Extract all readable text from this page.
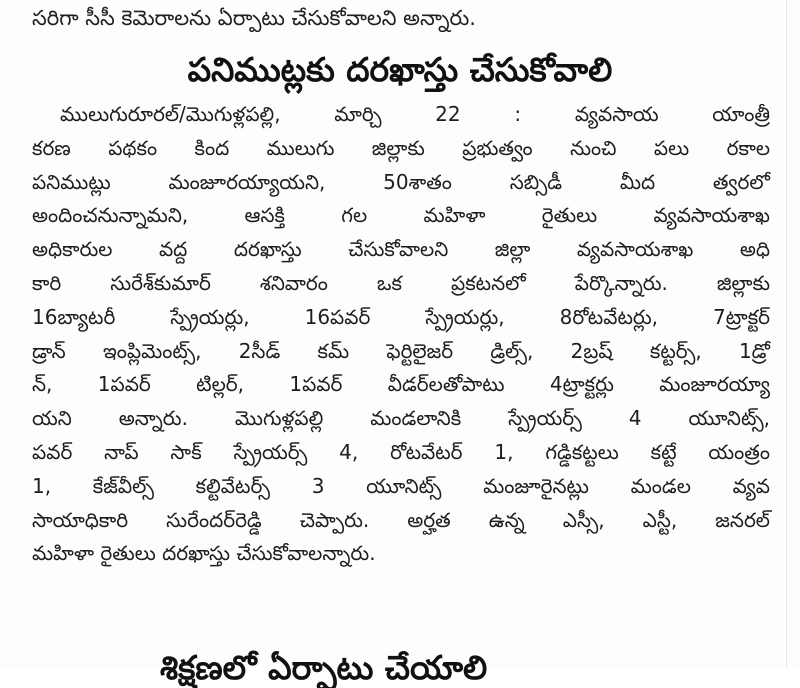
సరిగా సీసీ కెమెరాలను ఏర్పాటు చేసుకోవాలని అన్నారు.
పనిముట్లకు దరఖాస్తు చేసుకోవాలి
ములుగురూరల్/మొగుళ్లపల్లి, మార్చి 22 : వ్యవసాయ యాంత్రీ
కరణ పథకం కింద ములుగు జిల్లాకు ప్రభుత్వం నుంచి పలు రకాల
పనిముట్లు మంజూరయ్యాయని, 50శాతం సబ్సిడీ మీద త్వరలో
అందించనున్నామని, ఆసక్తి గల మహిళా రైతులు వ్యవసాయశాఖ
అధికారుల వద్ద దరఖాస్తు చేసుకోవాలని జిల్లా వ్యవసాయశాఖ అధి
కారి సురేశ్‌కుమార్ శనివారం ఒక ప్రకటనలో పేర్కొన్నారు. జిల్లాకు
16బ్యాటరీ స్ప్రేయర్లు, 16పవర్ స్ప్రేయర్లు, 8రోటవేటర్లు, 7ట్రాక్టర్
డ్రాన్ ఇంప్లిమెంట్స్, 2సీడ్ కమ్ ఫెర్టిలైజర్ డ్రిల్స్, 2బ్రష్ కట్టర్స్, 1డ్రో
న్, 1పవర్ టిల్లర్, 1పవర్ వీడర్‌లతోపాటు 4ట్రాక్టర్లు మంజూరయ్యా
యని అన్నారు. మొగుళ్లపల్లి మండలానికి స్ప్రేయర్స్ 4 యూనిట్స్,
పవర్ నాప్ సాక్ స్ప్రేయర్స్ 4, రోటవేటర్ 1, గడ్డికట్టలు కట్టే యంత్రం
1, కేజ్‌వీల్స్ కల్టివేటర్స్ 3 యూనిట్స్ మంజూరైనట్లు మండల వ్యవ
సాయాధికారి సురేందర్‌రెడ్డి చెప్పారు. అర్హత ఉన్న ఎస్సీ, ఎస్టీ, జనరల్
మహిళా రైతులు దరఖాస్తు చేసుకోవాలన్నారు.
శిక్షణలో ఏర్పాటు చేయాలి
